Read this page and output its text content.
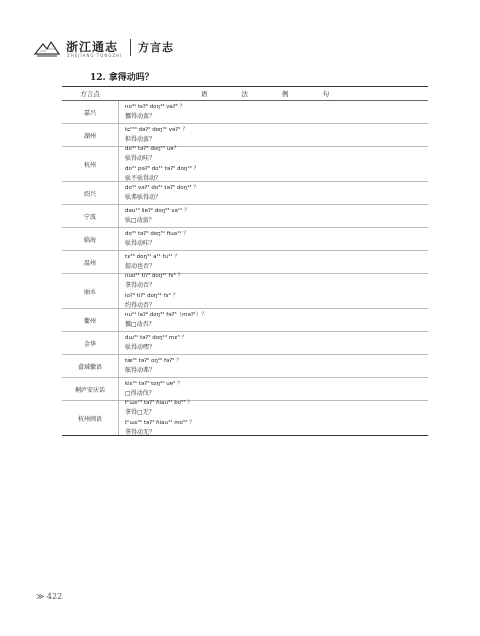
浙江通志
ZHEJIANG TONGZHI
方言志
12. 拿得动吗？
方言点	语 法 例 句
嘉兴
no³¹ tᴇʔ⁵ doŋ¹³ vaʔ⁵ ？
挪得动蛮？
湖州
tɕʰ⁵³ dəʔ² doŋ³¹ vəʔ⁵ ？
担得动蛮？
杭州
do³¹ təʔ⁵ doŋ¹³ uɐ？
驮得动哇？
do³¹ pəʔ⁵ do¹¹ təʔ⁵ doŋ¹³ ？
驮不驮得动？
绍兴
do³¹ vəʔ² do³¹ təʔ⁵ doŋ¹³ ？
驮弗驮得动？
宁波
dəu¹³ lieʔ² doŋ⁵³ va¹¹ ？
驮□动蛮？
临海
do³¹ təʔ⁵ doŋ⁵¹ fiua¹¹ ？
驮得动哇？
温州
tɤ³³ doŋ³¹ a¹¹ fu¹¹ ？
提动也否？
丽水
nuo²¹ tiʔ⁵ doŋ³¹ fɤ⁵ ？
拿得动否？
ioʔ³ tiʔ⁵ doŋ²¹ fɤ⁵ ？
约得动否？
衢州
nu²¹ laʔ⁰ doŋ³¹ fəʔ⁵（məʔ¹）？
挪□动否？
金华
dɯ³¹ təʔ⁵ doŋ¹³ mɤ⁵ ？
驮得动嘿？
畲域徽语
tæ³¹ təʔ⁵ oŋ²² fəʔ⁵ ？
舷得动弗？
桐庐安庆话
kiɛ³¹ təʔ⁵ toŋ²² uɐ⁵ ？
□得动伐？
杭州闽语
tʰɯɛ¹³ təʔ⁵ ɦiau³¹ bo⁵³ ？
拿得□无？
tʰɯɛ³¹ təʔ⁵ ɦiau¹¹ mo⁵³ ？
拿得动无？
≫ 422
